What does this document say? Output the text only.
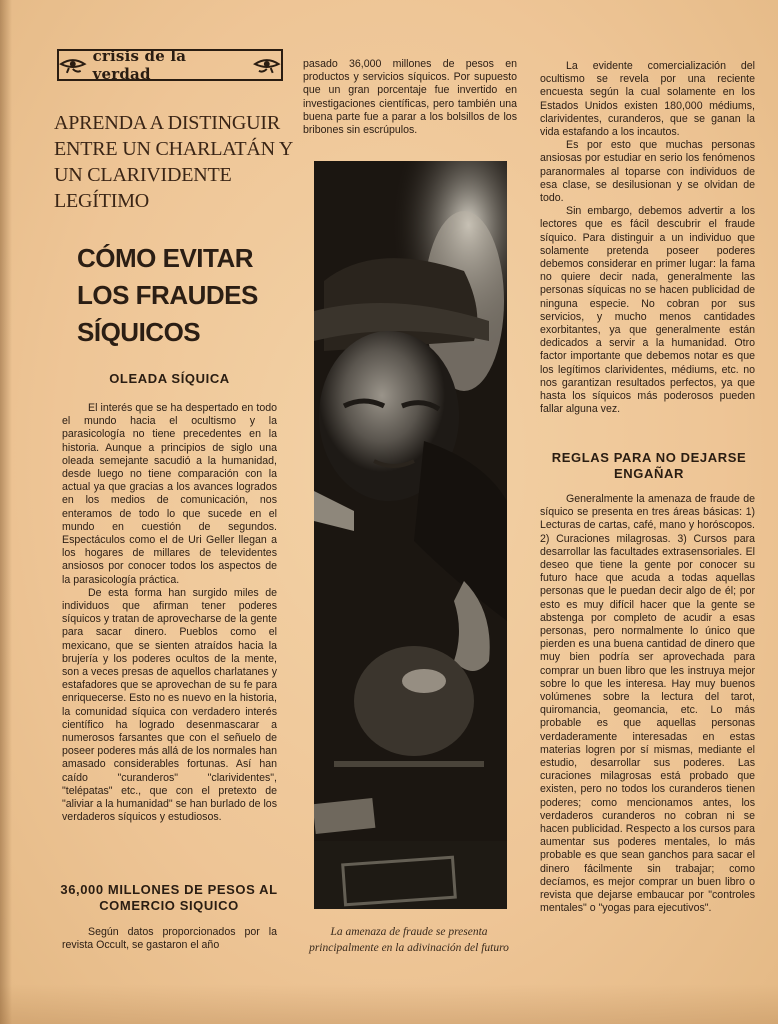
crisis de la verdad
APRENDA A DISTINGUIR ENTRE UN CHARLATÁN Y UN CLARIVIDENTE LEGÍTIMO
CÓMO EVITAR LOS FRAUDES SÍQUICOS
OLEADA SÍQUICA

El interés que se ha despertado en todo el mundo hacia el ocultismo y la parasicología no tiene precedentes en la historia. Aunque a principios de siglo una oleada semejante sacudió a la humanidad, desde luego no tiene comparación con la actual ya que gracias a los avances logrados en los medios de comunicación, nos enteramos de todo lo que sucede en el mundo en cuestión de segundos. Espectáculos como el de Uri Geller llegan a los hogares de millares de televidentes ansiosos por conocer todos los aspectos de la parasicología práctica.

De esta forma han surgido miles de individuos que afirman tener poderes síquicos y tratan de aprovecharse de la gente para sacar dinero. Pueblos como el mexicano, que se sienten atraídos hacia la brujería y los poderes ocultos de la mente, son a veces presas de aquellos charlatanes y estafadores que se aprovechan de su fe para enriquecerse. Esto no es nuevo en la historia, la comunidad síquica con verdadero interés científico ha logrado desenmascarar a numerosos farsantes que con el señuelo de poseer poderes más allá de los normales han amasado considerables fortunas. Así han caído "curanderos" "clarividentes", "telépatas" etc., que con el pretexto de "aliviar a la humanidad" se han burlado de los verdaderos síquicos y estudiosos.

36,000 MILLONES DE PESOS AL COMERCIO SIQUICO

Según datos proporcionados por la revista Occult, se gastaron el año

pasado 36,000 millones de pesos en productos y servicios síquicos. Por supuesto que un gran porcentaje fue invertido en investigaciones científicas, pero también una buena parte fue a parar a los bolsillos de los bribones sin escrúpulos.

La amenaza de fraude se presenta principalmente en la adivinación del futuro

La evidente comercialización del ocultismo se revela por una reciente encuesta según la cual solamente en los Estados Unidos existen 180,000 médiums, clarividentes, curanderos, que se ganan la vida estafando a los incautos.

Es por esto que muchas personas ansiosas por estudiar en serio los fenómenos paranormales al toparse con individuos de esa clase, se desilusionan y se olvidan de todo.

Sin embargo, debemos advertir a los lectores que es fácil descubrir el fraude síquico. Para distinguir a un individuo que solamente pretenda poseer poderes debemos considerar en primer lugar: la fama no quiere decir nada, generalmente las personas síquicas no se hacen publicidad de ninguna especie. No cobran por sus servicios, y mucho menos cantidades exorbitantes, ya que generalmente están dedicados a servir a la humanidad. Otro factor importante que debemos notar es que los legítimos clarividentes, médiums, etc. no nos garantizan resultados perfectos, ya que hasta los síquicos más poderosos pueden fallar alguna vez.

REGLAS PARA NO DEJARSE ENGAÑAR

Generalmente la amenaza de fraude de síquico se presenta en tres áreas básicas: 1) Lecturas de cartas, café, mano y horóscopos. 2) Curaciones milagrosas. 3) Cursos para desarrollar las facultades extrasensoriales. El deseo que tiene la gente por conocer su futuro hace que acuda a todas aquellas personas que le puedan decir algo de él; por esto es muy difícil hacer que la gente se abstenga por completo de acudir a esas personas, pero normalmente lo único que pierden es una buena cantidad de dinero que muy bien podría ser aprovechada para comprar un buen libro que les instruya mejor sobre lo que les interesa. Hay muy buenos volúmenes sobre la lectura del tarot, quiromancia, geomancia, etc. Lo más probable es que aquellas personas verdaderamente interesadas en estas materias logren por sí mismas, mediante el estudio, desarrollar sus poderes. Las curaciones milagrosas está probado que existen, pero no todos los curanderos tienen poderes; como mencionamos antes, los verdaderos curanderos no cobran ni se hacen publicidad. Respecto a los cursos para aumentar sus poderes mentales, lo más probable es que sean ganchos para sacar el dinero fácilmente sin trabajar; como decíamos, es mejor comprar un buen libro o revista que dejarse embaucar por "controles mentales" o "yogas para ejecutivos".
